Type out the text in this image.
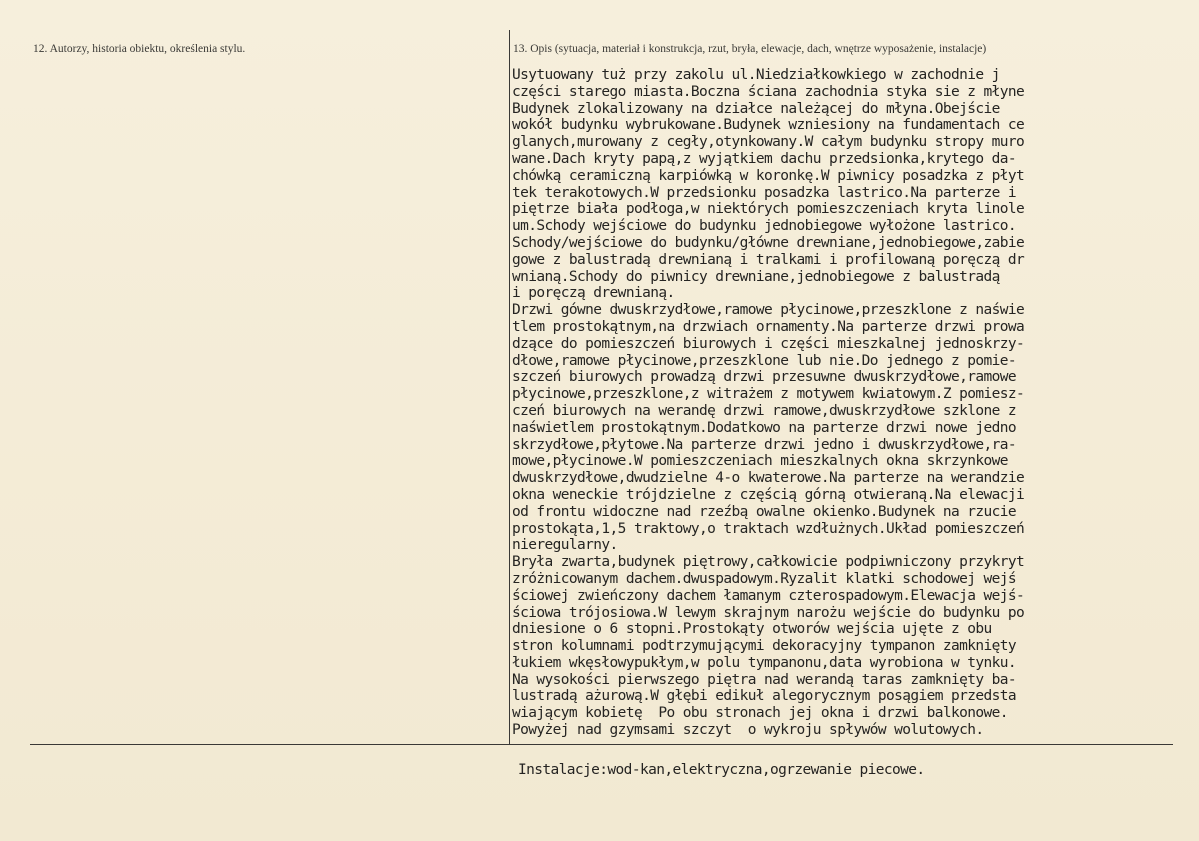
12. Autorzy, historia obiektu, określenia stylu.	13. Opis (sytuacja, materiał i konstrukcja, rzut, bryła, elewacje, dach, wnętrze wyposażenie, instalacje)
Usytuowany tuż przy zakolu ul.Niedziałkowkiego w zachodnie j
części starego miasta.Boczna ściana zachodnia styka sie z młyne
Budynek zlokalizowany na działce należącej do młyna.Obejście
wokół budynku wybrukowane.Budynek wzniesiony na fundamentach ce
glanych,murowany z cegły,otynkowany.W całym budynku stropy muro
wane.Dach kryty papą,z wyjątkiem dachu przedsionka,krytego da-
chówką ceramiczną karpiówką w koronkę.W piwnicy posadzka z płyt
tek terakotowych.W przedsionku posadzka lastrico.Na parterze i
piętrze biała podłoga,w niektórych pomieszczeniach kryta linole
um.Schody wejściowe do budynku jednobiegowe wyłożone lastrico.
Schody/wejściowe do budynku/główne drewniane,jednobiegowe,zabie
gowe z balustradą drewnianą i tralkami i profilowaną poręczą dr
wnianą.Schody do piwnicy drewniane,jednobiegowe z balustradą
i poręczą drewnianą.
Drzwi gówne dwuskrzydłowe,ramowe płycinowe,przeszklone z naświe
tlem prostokątnym,na drzwiach ornamenty.Na parterze drzwi prowa
dzące do pomieszczeń biurowych i części mieszkalnej jednoskrzy-
dłowe,ramowe płycinowe,przeszklone lub nie.Do jednego z pomie-
szczeń biurowych prowadzą drzwi przesuwne dwuskrzydłowe,ramowe
płycinowe,przeszklone,z witrażem z motywem kwiatowym.Z pomiesz-
czeń biurowych na werandę drzwi ramowe,dwuskrzydłowe szklone z
naświetlem prostokątnym.Dodatkowo na parterze drzwi nowe jedno
skrzydłowe,płytowe.Na parterze drzwi jedno i dwuskrzydłowe,ra-
mowe,płycinowe.W pomieszczeniach mieszkalnych okna skrzynkowe
dwuskrzydłowe,dwudzielne 4-o kwaterowe.Na parterze na werandzie
okna weneckie trójdzielne z częścią górną otwieraną.Na elewacji
od frontu widoczne nad rzeźbą owalne okienko.Budynek na rzucie
prostokąta,1,5 traktowy,o traktach wzdłużnych.Układ pomieszczeń
nieregularny.
Bryła zwarta,budynek piętrowy,całkowicie podpiwniczony przykryt
zróżnicowanym dachem.dwuspadowym.Ryzalit klatki schodowej wejś
ściowej zwieńczony dachem łamanym czterospadowym.Elewacja wejś-
ściowa trójosiowa.W lewym skrajnym narożu wejście do budynku po
dniesione o 6 stopni.Prostokąty otworów wejścia ujęte z obu
stron kolumnami podtrzymującymi dekoracyjny tympanon zamknięty
łukiem wkęsłowypukłym,w polu tympanonu,data wyrobiona w tynku.
Na wysokości pierwszego piętra nad werandą taras zamknięty ba-
lustradą ażurową.W głębi edikuł alegorycznym posągiem przedsta
wiającym kobietę  Po obu stronach jej okna i drzwi balkonowe.
Powyżej nad gzymsami szczyt  o wykroju spływów wolutowych.
Instalacje:wod-kan,elektryczna,ogrzewanie piecowe.
